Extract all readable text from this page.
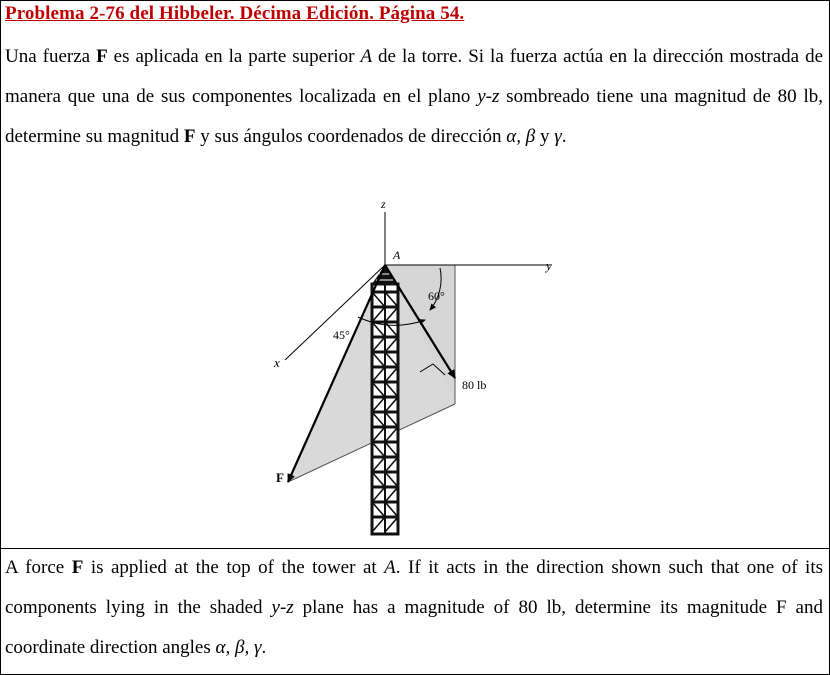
Problema 2-76 del Hibbeler. Décima Edición. Página 54.
Una fuerza F es aplicada en la parte superior A de la torre. Si la fuerza actúa en la dirección mostrada de manera que una de sus componentes localizada en el plano y-z sombreado tiene una magnitud de 80 lb, determine su magnitud F y sus ángulos coordenados de dirección α, β y γ.
z
y
x
A
60°
45°
80 lb
F
A force F is applied at the top of the tower at A. If it acts in the direction shown such that one of its components lying in the shaded y-z plane has a magnitude of 80 lb, determine its magnitude F and coordinate direction angles α, β, γ.
